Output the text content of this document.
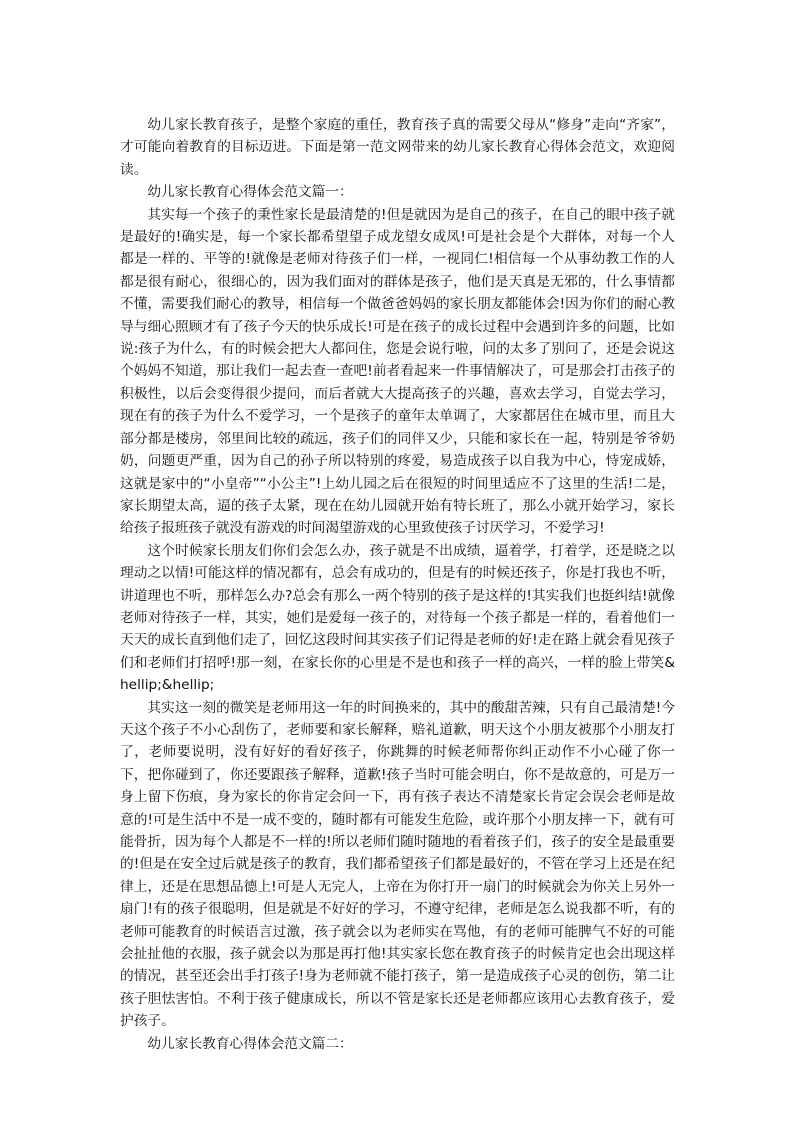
幼儿家长教育孩子，是整个家庭的重任，教育孩子真的需要父母从“修身”走向“齐家”，才可能向着教育的目标迈进。下面是第一范文网带来的幼儿家长教育心得体会范文，欢迎阅读。

幼儿家长教育心得体会范文篇一：

其实每一个孩子的秉性家长是最清楚的!但是就因为是自己的孩子，在自己的眼中孩子就是最好的!确实是，每一个家长都希望望子成龙望女成凤!可是社会是个大群体，对每一个人都是一样的、平等的!就像是老师对待孩子们一样，一视同仁!相信每一个从事幼教工作的人都是很有耐心，很细心的，因为我们面对的群体是孩子，他们是天真是无邪的，什么事情都不懂，需要我们耐心的教导，相信每一个做爸爸妈妈的家长朋友都能体会!因为你们的耐心教导与细心照顾才有了孩子今天的快乐成长!可是在孩子的成长过程中会遇到许多的问题，比如说:孩子为什么，有的时候会把大人都问住，您是会说行啦，问的太多了别问了，还是会说这个妈妈不知道，那让我们一起去查一查吧!前者看起来一件事情解决了，可是那会打击孩子的积极性，以后会变得很少提问，而后者就大大提高孩子的兴趣，喜欢去学习，自觉去学习，现在有的孩子为什么不爱学习，一个是孩子的童年太单调了，大家都居住在城市里，而且大部分都是楼房，邻里间比较的疏远，孩子们的同伴又少，只能和家长在一起，特别是爷爷奶奶，问题更严重，因为自己的孙子所以特别的疼爱，易造成孩子以自我为中心，恃宠成娇，这就是家中的“小皇帝”“小公主”!上幼儿园之后在很短的时间里适应不了这里的生活!二是，家长期望太高，逼的孩子太紧，现在在幼儿园就开始有特长班了，那么小就开始学习，家长给孩子报班孩子就没有游戏的时间渴望游戏的心里致使孩子讨厌学习，不爱学习!

这个时候家长朋友们你们会怎么办，孩子就是不出成绩，逼着学，打着学，还是晓之以理动之以情!可能这样的情况都有，总会有成功的，但是有的时候还孩子，你是打我也不听，讲道理也不听，那样怎么办?总会有那么一两个特别的孩子是这样的!其实我们也挺纠结!就像老师对待孩子一样，其实，她们是爱每一孩子的，对待每一个孩子都是一样的，看着他们一天天的成长直到他们走了，回忆这段时间其实孩子们记得是老师的好!走在路上就会看见孩子们和老师们打招呼!那一刻，在家长你的心里是不是也和孩子一样的高兴，一样的脸上带笑&hellip;&hellip;

其实这一刻的微笑是老师用这一年的时间换来的，其中的酸甜苦辣，只有自己最清楚!今天这个孩子不小心刮伤了，老师要和家长解释，赔礼道歉，明天这个小朋友被那个小朋友打了，老师要说明，没有好好的看好孩子，你跳舞的时候老师帮你纠正动作不小心碰了你一下，把你碰到了，你还要跟孩子解释，道歉!孩子当时可能会明白，你不是故意的，可是万一身上留下伤痕，身为家长的你肯定会问一下，再有孩子表达不清楚家长肯定会误会老师是故意的!可是生活中不是一成不变的，随时都有可能发生危险，或许那个小朋友摔一下，就有可能骨折，因为每个人都是不一样的!所以老师们随时随地的看着孩子们，孩子的安全是最重要的!但是在安全过后就是孩子的教育，我们都希望孩子们都是最好的，不管在学习上还是在纪律上，还是在思想品德上!可是人无完人，上帝在为你打开一扇门的时候就会为你关上另外一扇门!有的孩子很聪明，但是就是不好好的学习，不遵守纪律，老师是怎么说我都不听，有的老师可能教育的时候语言过激，孩子就会以为老师实在骂他，有的老师可能脾气不好的可能会扯扯他的衣服，孩子就会以为那是再打他!其实家长您在教育孩子的时候肯定也会出现这样的情况，甚至还会出手打孩子!身为老师就不能打孩子，第一是造成孩子心灵的创伤，第二让孩子胆怯害怕。不利于孩子健康成长，所以不管是家长还是老师都应该用心去教育孩子，爱护孩子。

幼儿家长教育心得体会范文篇二：
